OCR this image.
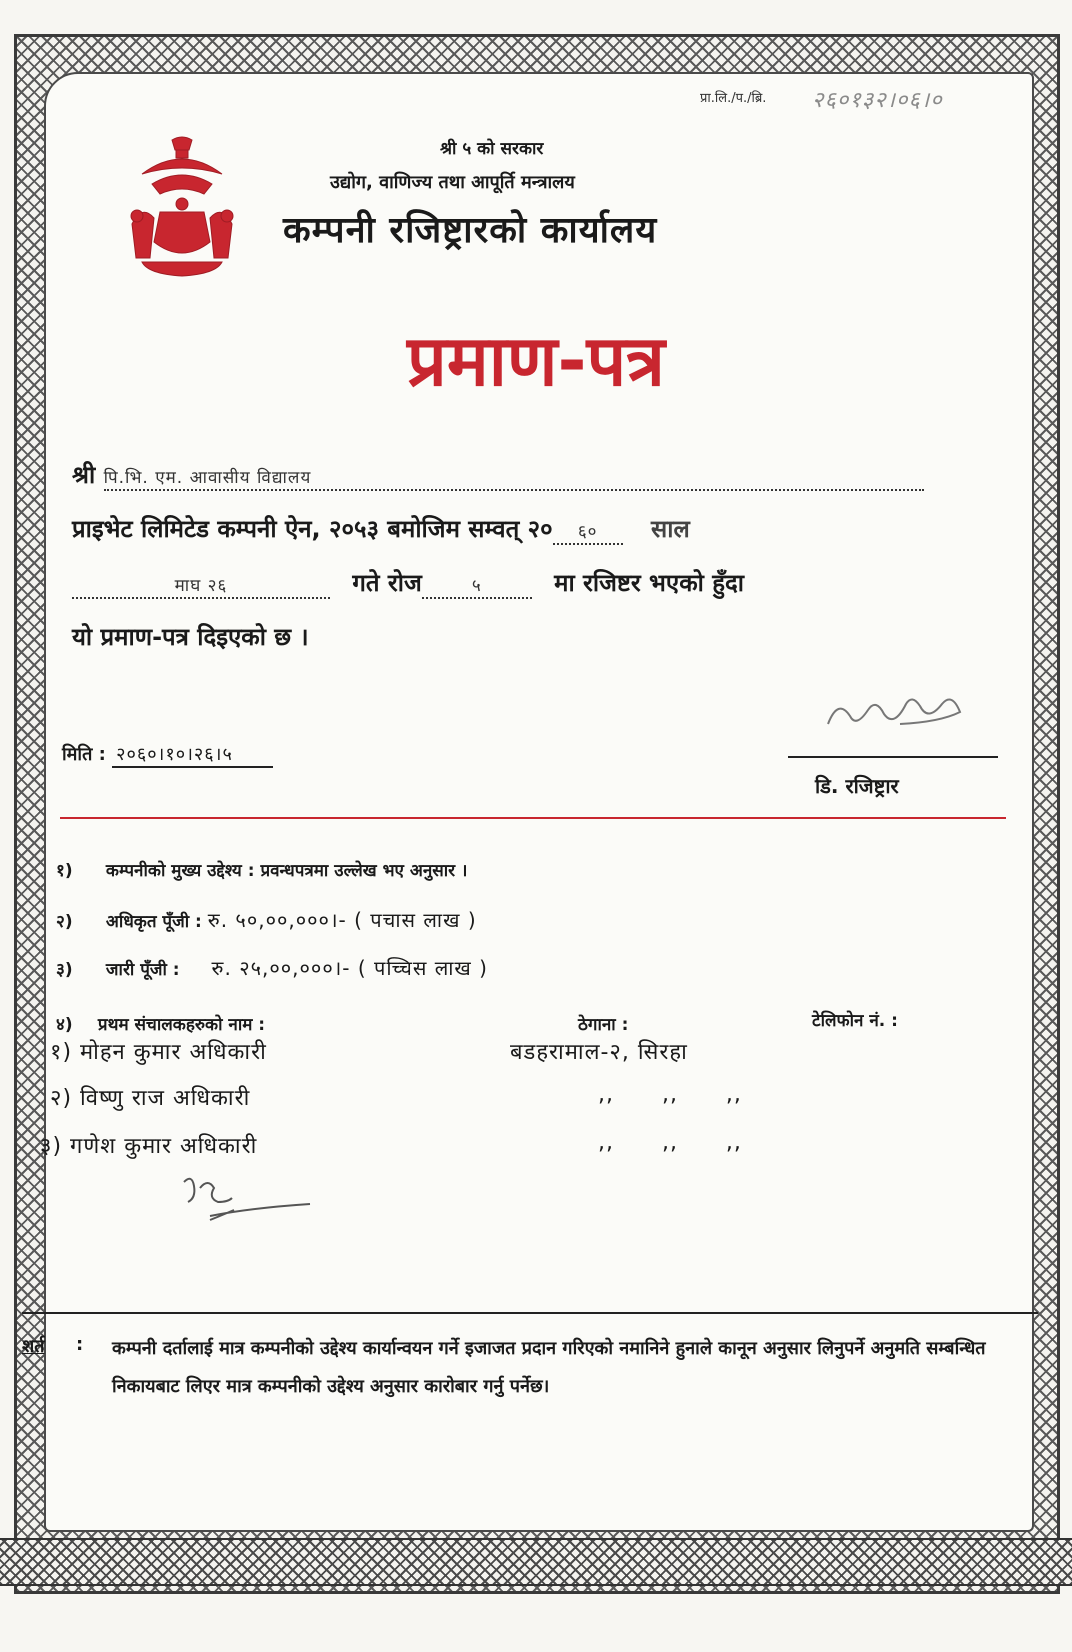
प्रा.लि./प./ब्रि. २६०१३२।०६।०
श्री ५ को सरकार
उद्योग, वाणिज्य तथा आपूर्ति मन्त्रालय
कम्पनी रजिष्ट्रारको कार्यालय
प्रमाण-पत्र
श्री पि.भि. एम. आवासीय विद्यालय
प्राइभेट लिमिटेड कम्पनी ऐन, २०५३ बमोजिम सम्वत् २० ६० साल
माघ २६	गते रोज	५	मा रजिष्टर भएको हुँदा
यो प्रमाण-पत्र दिइएको छ ।
मिति : २०६०।१०।२६।५
डि. रजिष्ट्रार
१) कम्पनीको मुख्य उद्देश्य : प्रवन्धपत्रमा उल्लेख भए अनुसार ।
२) अधिकृत पूँजी : रु. ५०,००,०००।- ( पचास लाख )
३) जारी पूँजी : रु. २५,००,०००।- ( पच्चिस लाख )
४) प्रथम संचालकहरुको नाम :	ठेगाना :	टेलिफोन नं. :
१) मोहन कुमार अधिकारी	बडहरामाल-२, सिरहा
२) विष्णु राज अधिकारी	,,      ,,      ,,
३) गणेश कुमार अधिकारी	,,      ,,      ,,
शर्त : कम्पनी दर्तालाई मात्र कम्पनीको उद्देश्य कार्यान्वयन गर्ने इजाजत प्रदान गरिएको नमानिने हुनाले कानून अनुसार लिनुपर्ने अनुमति सम्बन्धित निकायबाट लिएर मात्र कम्पनीको उद्देश्य अनुसार कारोबार गर्नु पर्नेछ।
